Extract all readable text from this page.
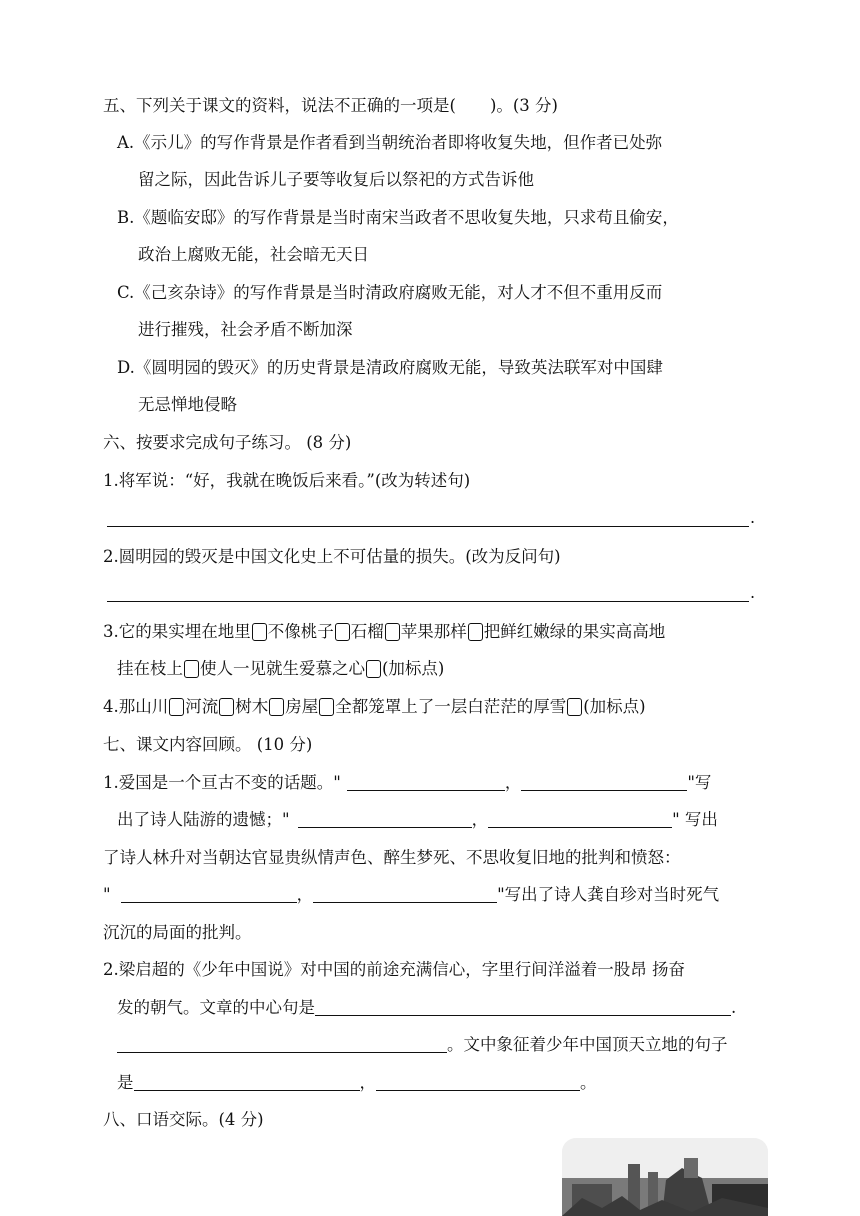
五、下列关于课文的资料，说法不正确的一项是( )。(3 分)
A.《示儿》的写作背景是作者看到当朝统治者即将收复失地，但作者已处弥
留之际，因此告诉儿子要等收复后以祭祀的方式告诉他
B.《题临安邸》的写作背景是当时南宋当政者不思收复失地，只求苟且偷安，
政治上腐败无能，社会暗无天日
C.《己亥杂诗》的写作背景是当时清政府腐败无能，对人才不但不重用反而
进行摧残，社会矛盾不断加深
D.《圆明园的毁灭》的历史背景是清政府腐败无能，导致英法联军对中国肆
无忌惮地侵略
六、按要求完成句子练习。 (8 分)
1.将军说：“好，我就在晚饭后来看。”(改为转述句)
.
2.圆明园的毁灭是中国文化史上不可估量的损失。(改为反问句)
.
3.它的果实埋在地里 不像桃子 石榴 苹果那样 把鲜红嫩绿的果实高高地
挂在枝上 使人一见就生爱慕之心 (加标点)
4.那山川 河流 树木 房屋 全都笼罩上了一层白茫茫的厚雪 (加标点)
七、课文内容回顾。 (10 分)
1.爱国是一个亘古不变的话题。"	，	"写
出了诗人陆游的遗憾；"	，	" 写出
了诗人林升对当朝达官显贵纵情声色、醉生梦死、不思收复旧地的批判和愤怒：
"	，	"写出了诗人龚自珍对当时死气
沉沉的局面的批判。
2.梁启超的《少年中国说》对中国的前途充满信心，字里行间洋溢着一股昂 扬奋
发的朝气。文章的中心句是	.
。文中象征着少年中国顶天立地的句子
是	，	。
八、口语交际。(4 分)
